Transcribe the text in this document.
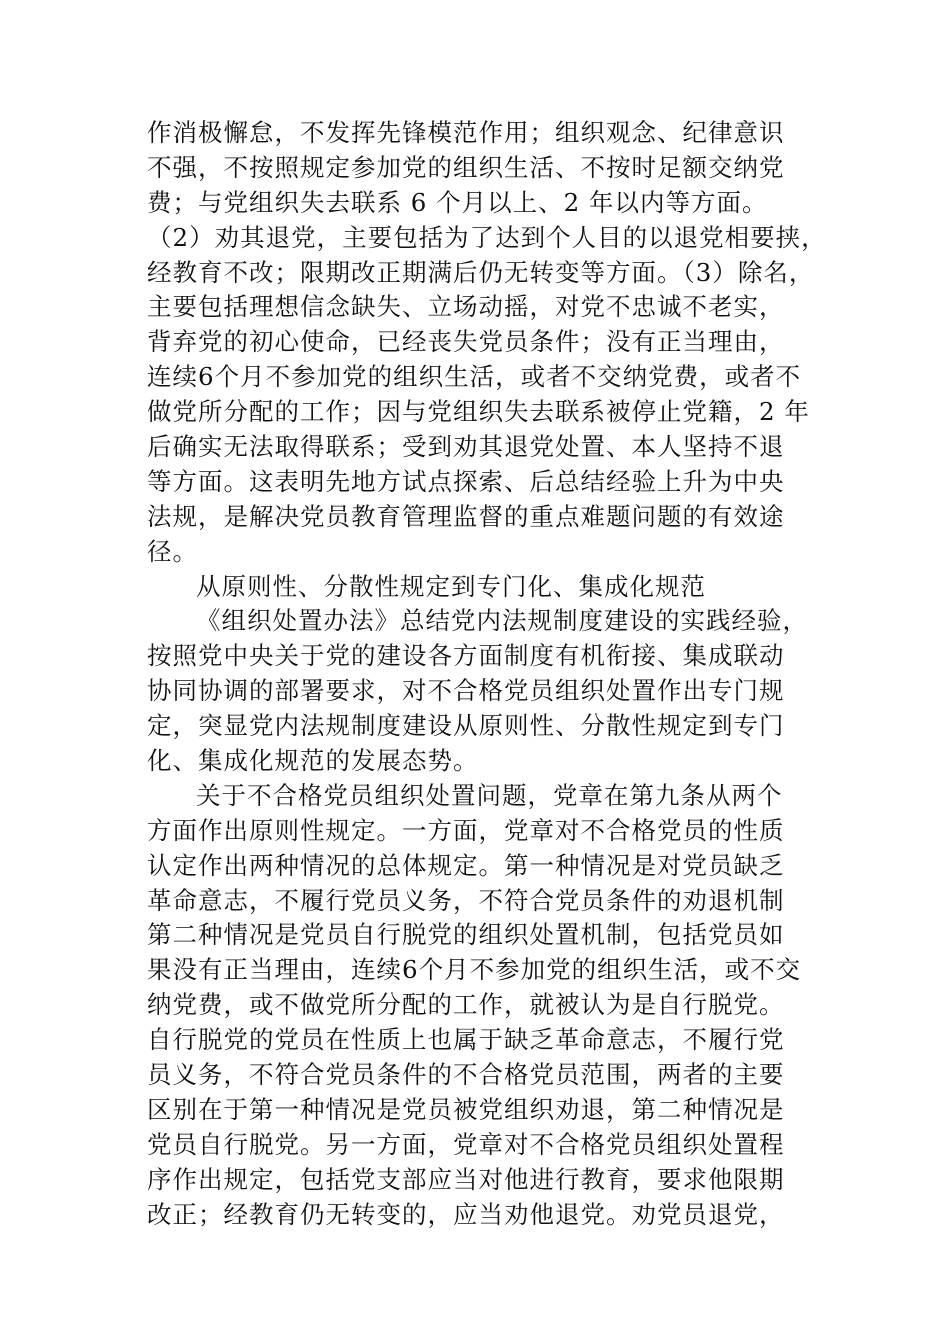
作消极懈怠，不发挥先锋模范作用；组织观念、纪律意识
不强，不按照规定参加党的组织生活、不按时足额交纳党
费；与党组织失去联系 6 个月以上、2 年以内等方面。
（2）劝其退党，主要包括为了达到个人目的以退党相要挟，
经教育不改；限期改正期满后仍无转变等方面。（3）除名，
主要包括理想信念缺失、立场动摇，对党不忠诚不老实，
背弃党的初心使命，已经丧失党员条件；没有正当理由，
连续6个月不参加党的组织生活，或者不交纳党费，或者不
做党所分配的工作；因与党组织失去联系被停止党籍，2 年
后确实无法取得联系；受到劝其退党处置、本人坚持不退
等方面。这表明先地方试点探索、后总结经验上升为中央
法规，是解决党员教育管理监督的重点难题问题的有效途
径。
从原则性、分散性规定到专门化、集成化规范
《组织处置办法》总结党内法规制度建设的实践经验，
按照党中央关于党的建设各方面制度有机衔接、集成联动
协同协调的部署要求，对不合格党员组织处置作出专门规
定，突显党内法规制度建设从原则性、分散性规定到专门
化、集成化规范的发展态势。
关于不合格党员组织处置问题，党章在第九条从两个
方面作出原则性规定。一方面，党章对不合格党员的性质
认定作出两种情况的总体规定。第一种情况是对党员缺乏
革命意志，不履行党员义务，不符合党员条件的劝退机制
第二种情况是党员自行脱党的组织处置机制，包括党员如
果没有正当理由，连续6个月不参加党的组织生活，或不交
纳党费，或不做党所分配的工作，就被认为是自行脱党。
自行脱党的党员在性质上也属于缺乏革命意志，不履行党
员义务，不符合党员条件的不合格党员范围，两者的主要
区别在于第一种情况是党员被党组织劝退，第二种情况是
党员自行脱党。另一方面，党章对不合格党员组织处置程
序作出规定，包括党支部应当对他进行教育，要求他限期
改正；经教育仍无转变的，应当劝他退党。劝党员退党，
